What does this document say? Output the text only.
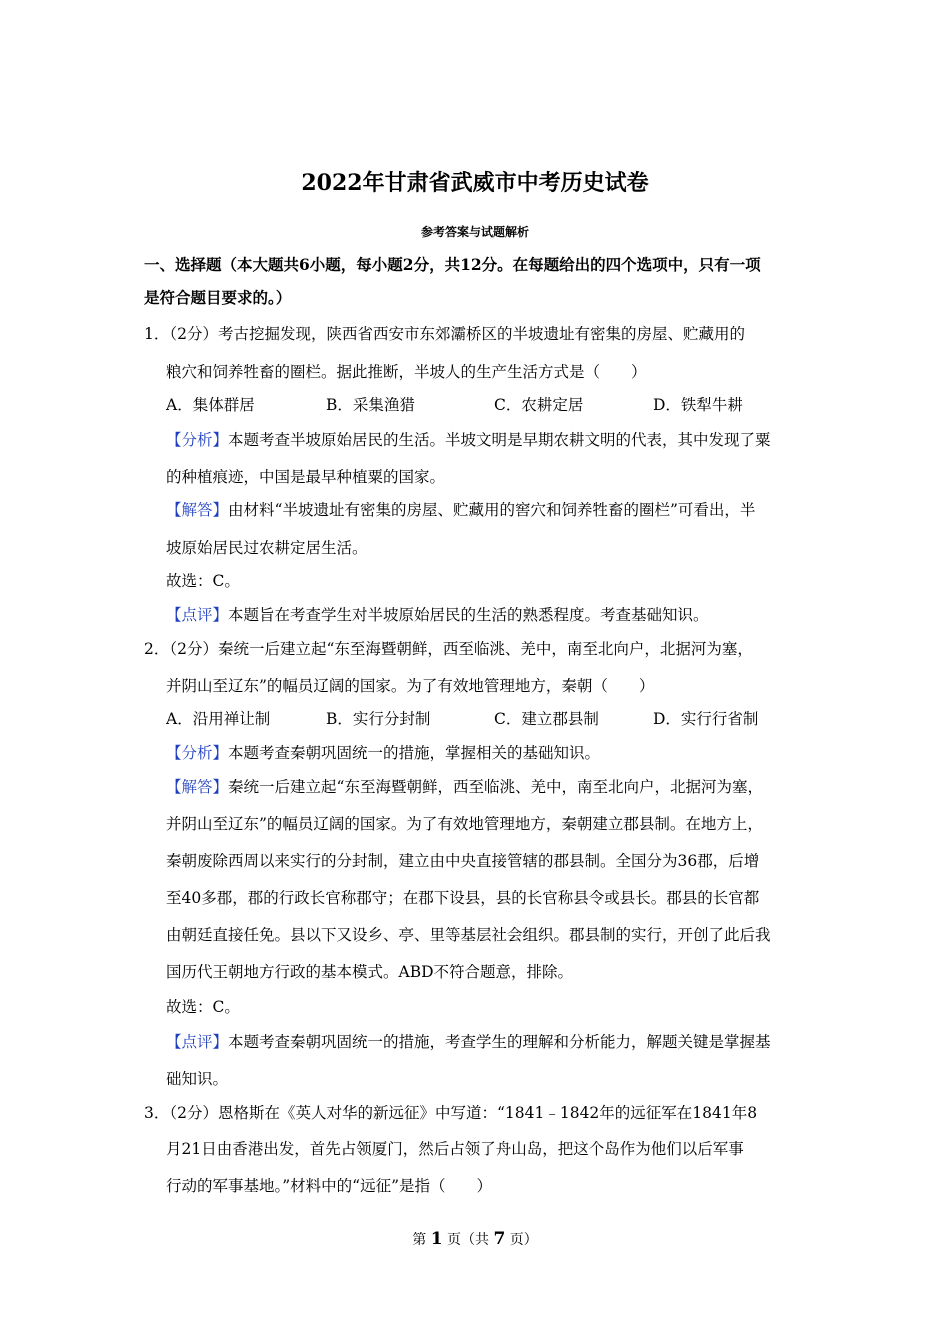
2022年甘肃省武威市中考历史试卷
参考答案与试题解析
一、选择题（本大题共6小题，每小题2分，共12分。在每题给出的四个选项中，只有一项
是符合题目要求的。）
1．（2分）考古挖掘发现，陕西省西安市东郊灞桥区的半坡遗址有密集的房屋、贮藏用的
粮穴和饲养牲畜的圈栏。据此推断，半坡人的生产生活方式是（　　）
A．集体群居	B．采集渔猎	C．农耕定居	D．铁犁牛耕
【分析】本题考查半坡原始居民的生活。半坡文明是早期农耕文明的代表，其中发现了粟
的种植痕迹，中国是最早种植粟的国家。
【解答】由材料“半坡遗址有密集的房屋、贮藏用的窖穴和饲养牲畜的圈栏”可看出，半
坡原始居民过农耕定居生活。
故选：C。
【点评】本题旨在考查学生对半坡原始居民的生活的熟悉程度。考查基础知识。
2．（2分）秦统一后建立起“东至海暨朝鲜，西至临洮、羌中，南至北向户，北据河为塞，
并阴山至辽东”的幅员辽阔的国家。为了有效地管理地方，秦朝（　　）
A．沿用禅让制	B．实行分封制	C．建立郡县制	D．实行行省制
【分析】本题考查秦朝巩固统一的措施，掌握相关的基础知识。
【解答】秦统一后建立起“东至海暨朝鲜，西至临洮、羌中，南至北向户，北据河为塞，
并阴山至辽东”的幅员辽阔的国家。为了有效地管理地方，秦朝建立郡县制。在地方上，
秦朝废除西周以来实行的分封制，建立由中央直接管辖的郡县制。全国分为36郡，后增
至40多郡，郡的行政长官称郡守；在郡下设县，县的长官称县令或县长。郡县的长官都
由朝廷直接任免。县以下又设乡、亭、里等基层社会组织。郡县制的实行，开创了此后我
国历代王朝地方行政的基本模式。ABD不符合题意，排除。
故选：C。
【点评】本题考查秦朝巩固统一的措施，考查学生的理解和分析能力，解题关键是掌握基
础知识。
3．（2分）恩格斯在《英人对华的新远征》中写道：“1841﹣1842年的远征军在1841年8
月21日由香港出发，首先占领厦门，然后占领了舟山岛，把这个岛作为他们以后军事
行动的军事基地。”材料中的“远征”是指（　　）
第 1 页（共 7 页）
